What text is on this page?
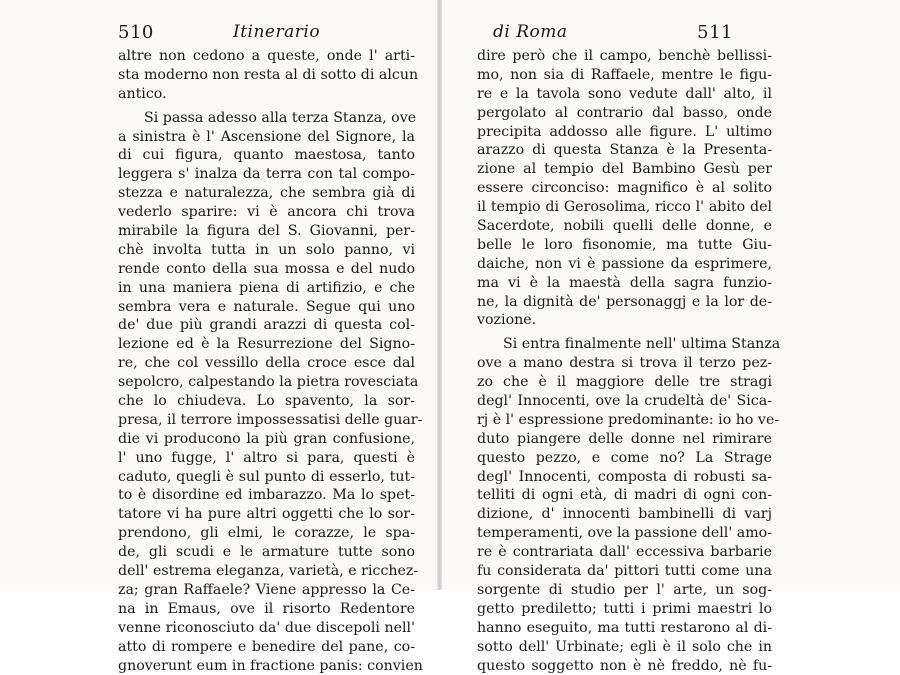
510	Itinerario
altre non cedono a queste, onde l' arti-
sta moderno non resta al di sotto di alcun
antico.
Si passa adesso alla terza Stanza, ove
a sinistra è l' Ascensione del Signore, la
di cui figura, quanto maestosa, tanto
leggera s' inalza da terra con tal compo-
stezza e naturalezza, che sembra già di
vederlo sparire: vi è ancora chi trova
mirabile la figura del S. Giovanni, per-
chè involta tutta in un solo panno, vi
rende conto della sua mossa e del nudo
in una maniera piena di artifizio, e che
sembra vera e naturale. Segue qui uno
de' due più grandi arazzi di questa col-
lezione ed è la Resurrezione del Signo-
re, che col vessillo della croce esce dal
sepolcro, calpestando la pietra rovesciata
che lo chiudeva. Lo spavento, la sor-
presa, il terrore impossessatisi delle guar-
die vi producono la più gran confusione,
l' uno fugge, l' altro si para, questi è
caduto, quegli è sul punto di esserlo, tut-
to è disordine ed imbarazzo. Ma lo spet-
tatore vi ha pure altri oggetti che lo sor-
prendono, gli elmi, le corazze, le spa-
de, gli scudi e le armature tutte sono
dell' estrema eleganza, varietà, e ricchez-
za; gran Raffaele? Viene appresso la Ce-
na in Emaus, ove il risorto Redentore
venne riconosciuto da' due discepoli nell'
atto di rompere e benedire del pane, co-
gnoverunt eum in fractione panis: convien
di Roma	511
dire però che il campo, benchè bellissi-
mo, non sia di Raffaele, mentre le figu-
re e la tavola sono vedute dall' alto, il
pergolato al contrario dal basso, onde
precipita addosso alle figure. L' ultimo
arazzo di questa Stanza è la Presenta-
zione al tempio del Bambino Gesù per
essere circonciso: magnifico è al solito
il tempio di Gerosolima, ricco l' abito del
Sacerdote, nobili quelli delle donne, e
belle le loro fisonomie, ma tutte Giu-
daiche, non vi è passione da esprimere,
ma vi è la maestà della sagra funzio-
ne, la dignità de' personaggj e la lor de-
vozione.
Si entra finalmente nell' ultima Stanza
ove a mano destra si trova il terzo pez-
zo che è il maggiore delle tre stragi
degl' Innocenti, ove la crudeltà de' Sica-
rj è l' espressione predominante: io ho ve-
duto piangere delle donne nel rimirare
questo pezzo, e come no? La Strage
degl' Innocenti, composta di robusti sa-
telliti di ogni età, di madri di ogni con-
dizione, d' innocenti bambinelli di varj
temperamenti, ove la passione dell' amo-
re è contrariata dall' eccessiva barbarie
fu considerata da' pittori tutti come una
sorgente di studio per l' arte, un sog-
getto prediletto; tutti i primi maestri lo
hanno eseguito, ma tutti restarono al di-
sotto dell' Urbinate; egli è il solo che in
questo soggetto non è nè freddo, nè fu-
